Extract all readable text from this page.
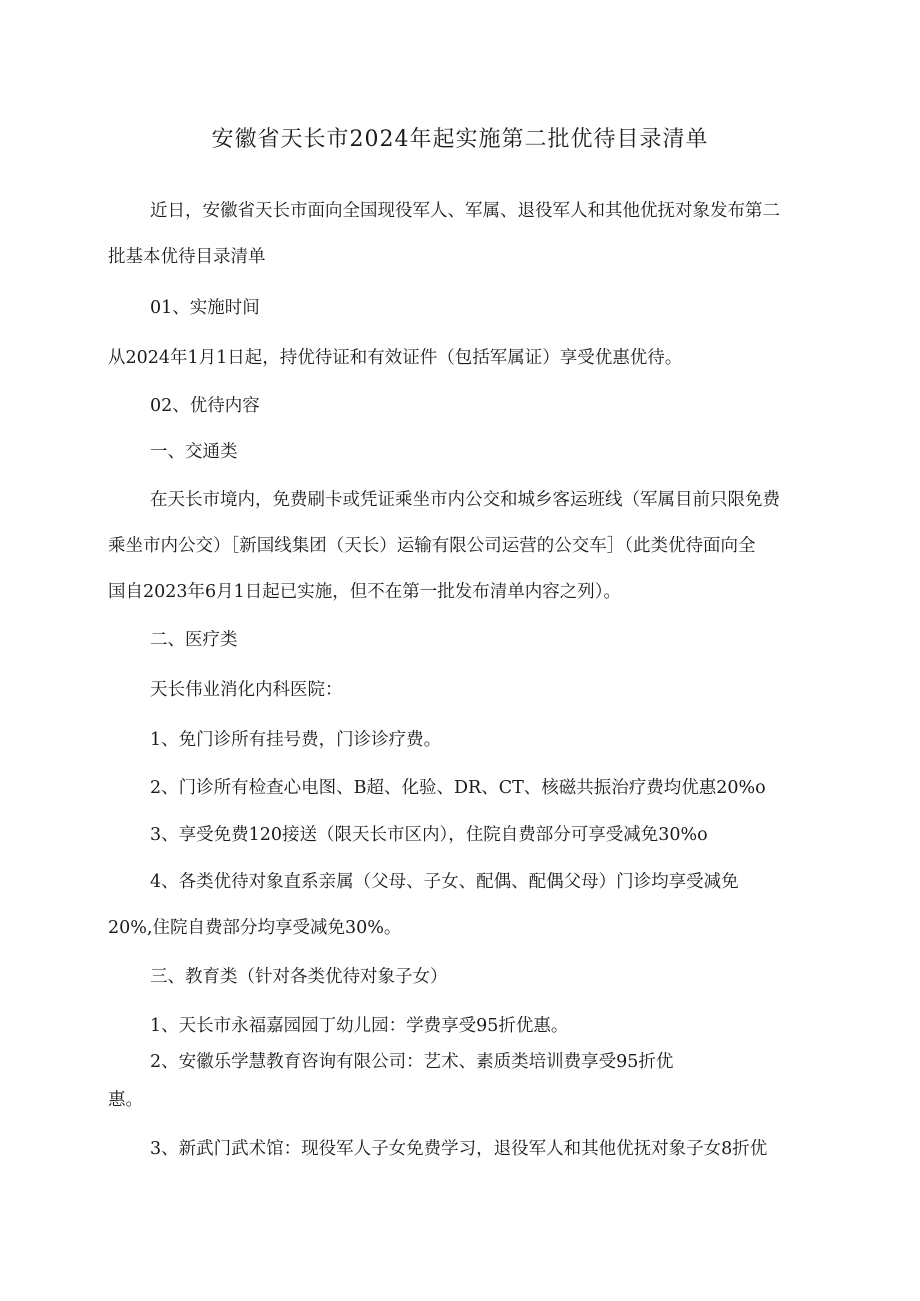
安徽省天长市2024年起实施第二批优待目录清单
近日，安徽省天长市面向全国现役军人、军属、退役军人和其他优抚对象发布第二
批基本优待目录清单
01、实施时间
从2024年1月1日起，持优待证和有效证件（包括军属证）享受优惠优待。
02、优待内容
一、交通类
在天长市境内，免费刷卡或凭证乘坐市内公交和城乡客运班线（军属目前只限免费
乘坐市内公交）［新国线集团（天长）运输有限公司运营的公交车］（此类优待面向全
国自2023年6月1日起已实施，但不在第一批发布清单内容之列）。
二、医疗类
天长伟业消化内科医院：
1、免门诊所有挂号费，门诊诊疗费。
2、门诊所有检查心电图、B超、化验、DR、CT、核磁共振治疗费均优惠20%o
3、享受免费120接送（限天长市区内），住院自费部分可享受减免30%o
4、各类优待对象直系亲属（父母、子女、配偶、配偶父母）门诊均享受减免
20%,住院自费部分均享受减免30%。
三、教育类（针对各类优待对象子女）
1、天长市永福嘉园园丁幼儿园：学费享受95折优惠。
2、安徽乐学慧教育咨询有限公司：艺术、素质类培训费享受95折优
惠。
3、新武门武术馆：现役军人子女免费学习，退役军人和其他优抚对象子女8折优
